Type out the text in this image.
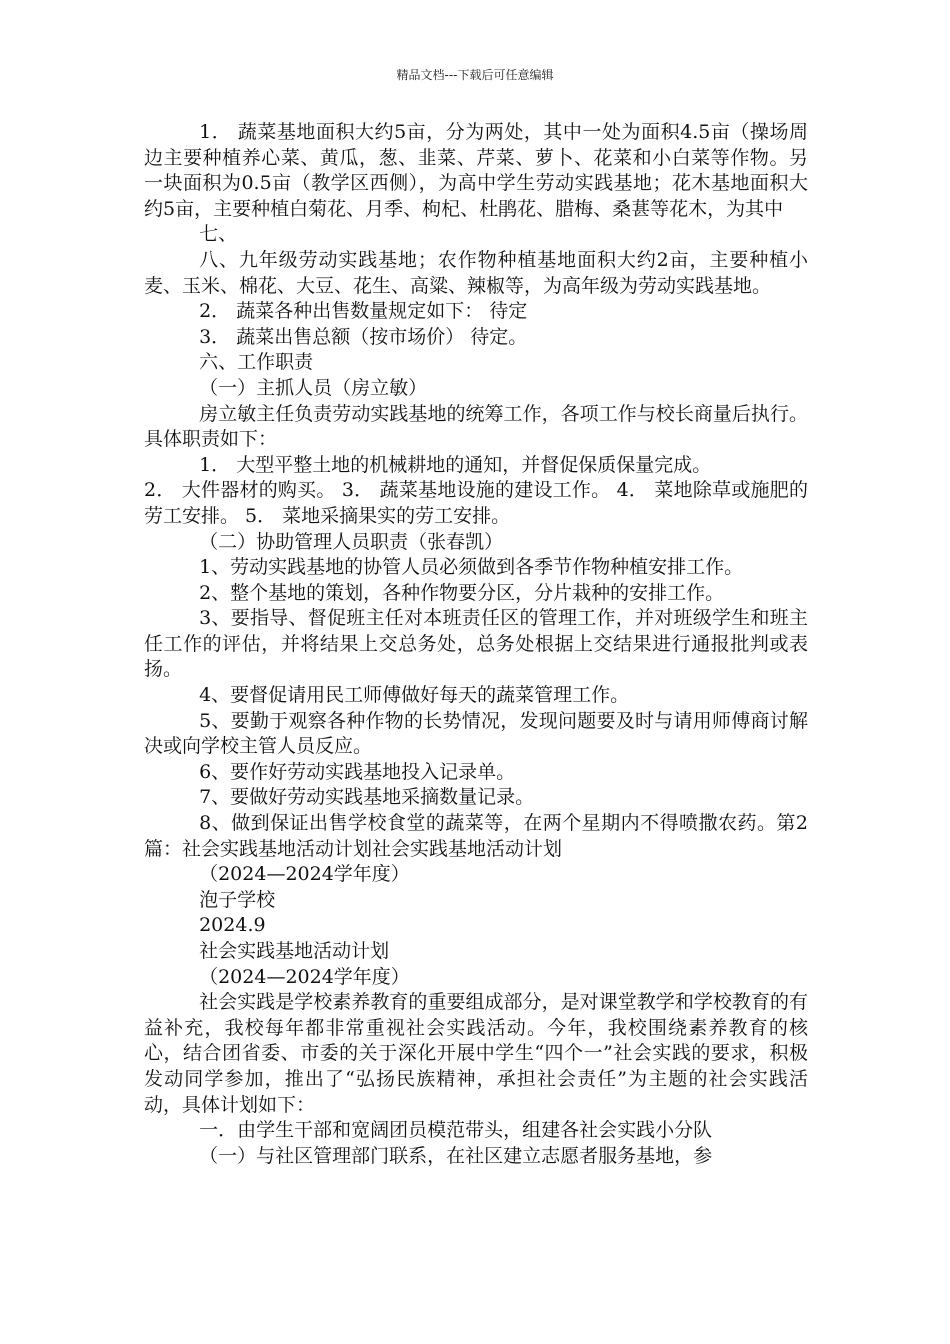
精品文档---下载后可任意编辑

1． 蔬菜基地面积大约5亩，分为两处，其中一处为面积4.5亩（操场周边主要种植养心菜、黄瓜，葱、韭菜、芹菜、萝卜、花菜和小白菜等作物。另一块面积为0.5亩（教学区西侧），为高中学生劳动实践基地；花木基地面积大约5亩，主要种植白菊花、月季、枸杞、杜鹃花、腊梅、桑葚等花木，为其中

七、

八、九年级劳动实践基地；农作物种植基地面积大约2亩，主要种植小麦、玉米、棉花、大豆、花生、高粱、辣椒等，为高年级为劳动实践基地。

2． 蔬菜各种出售数量规定如下： 待定

3． 蔬菜出售总额（按市场价） 待定。

六、工作职责

（一）主抓人员（房立敏）

房立敏主任负责劳动实践基地的统筹工作，各项工作与校长商量后执行。具体职责如下：

1． 大型平整土地的机械耕地的通知，并督促保质保量完成。

2． 大件器材的购买。 3． 蔬菜基地设施的建设工作。 4． 菜地除草或施肥的劳工安排。 5． 菜地采摘果实的劳工安排。

（二）协助管理人员职责（张春凯）

1、劳动实践基地的协管人员必须做到各季节作物种植安排工作。

2、整个基地的策划，各种作物要分区，分片栽种的安排工作。

3、要指导、督促班主任对本班责任区的管理工作，并对班级学生和班主任工作的评估，并将结果上交总务处，总务处根据上交结果进行通报批判或表扬。

4、要督促请用民工师傅做好每天的蔬菜管理工作。

5、要勤于观察各种作物的长势情况，发现问题要及时与请用师傅商讨解决或向学校主管人员反应。

6、要作好劳动实践基地投入记录单。

7、要做好劳动实践基地采摘数量记录。

8、做到保证出售学校食堂的蔬菜等，在两个星期内不得喷撒农药。第2篇：社会实践基地活动计划社会实践基地活动计划

（2024—2024学年度）

泡子学校

2024.9

社会实践基地活动计划

（2024—2024学年度）

社会实践是学校素养教育的重要组成部分，是对课堂教学和学校教育的有益补充，我校每年都非常重视社会实践活动。今年，我校围绕素养教育的核心，结合团省委、市委的关于深化开展中学生“四个一”社会实践的要求，积极发动同学参加，推出了“弘扬民族精神，承担社会责任”为主题的社会实践活动，具体计划如下：

一．由学生干部和宽阔团员模范带头，组建各社会实践小分队

（一）与社区管理部门联系，在社区建立志愿者服务基地，参
